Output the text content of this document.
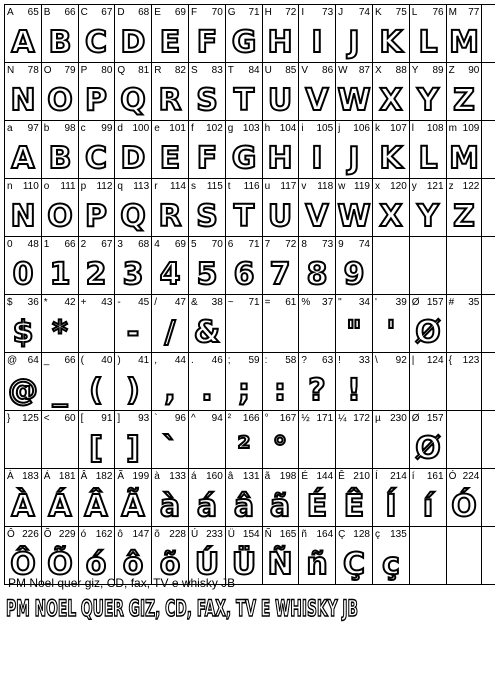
A 65
A
B 66
B
C 67
C
D 68
D
E 69
E
F 70
F
G 71
G
H 72
H
I 73
I
J 74
J
K 75
K
L 76
L
M 77
M
N 78
N
O 79
O
P 80
P
Q 81
Q
R 82
R
S 83
S
T 84
T
U 85
U
V 86
V
W 87
W
X 88
X
Y 89
Y
Z 90
Z
a 97
A
b 98
B
c 99
C
d 100
D
e 101
E
f 102
F
g 103
G
h 104
H
i 105
I
j 106
J
k 107
K
l 108
L
m 109
M
n 110
N
o 111
O
p 112
P
q 113
Q
r 114
R
s 115
S
t 116
T
u 117
U
v 118
V
w 119
W
x 120
X
y 121
Y
z 122
Z
0 48
0
1 66
1
2 67
2
3 68
3
4 69
4
5 70
5
6 71
6
7 72
7
8 73
8
9 74
9
$ 36
$
* 42
*
+ 43 - 45
-
/ 47
/
& 38
&
~ 71 = 61 % 37 " 34
"
' 39
'
Ø 157
Ø
# 35
@ 64
@
_ 66
_
( 40
(
) 41
)
, 44
,
. 46
.
; 59
;
: 58
:
? 63
?
! 33
!
\ 92 | 124 { 123
} 125 < 60 [ 91
[
] 93
]
` 96
`
^ 94 ² 166
²
° 167
°
½ 171 ¼ 172 µ 230 Ø 157
Ø
À 183
À
Á 181
Á
Â 182
Â
Ã 199
Ã
à 133
à
á 160
á
â 131
â
ã 198
ã
É 144
É
Ê 210
Ê
Í 214
Í
í 161
í
Ó 224
Ó
Ô 226
Ô
Õ 229
Õ
ó 162
ó
ô 147
ô
õ 228
õ
Ú 233
Ú
Ü 154
Ü
Ñ 165
Ñ
ñ 164
ñ
Ç 128
Ç
ç 135
ç
PM Noel quer giz, CD, fax, TV e whisky JB
PM NOEL QUER GIZ, CD, FAX, TV E WHISKY JB
